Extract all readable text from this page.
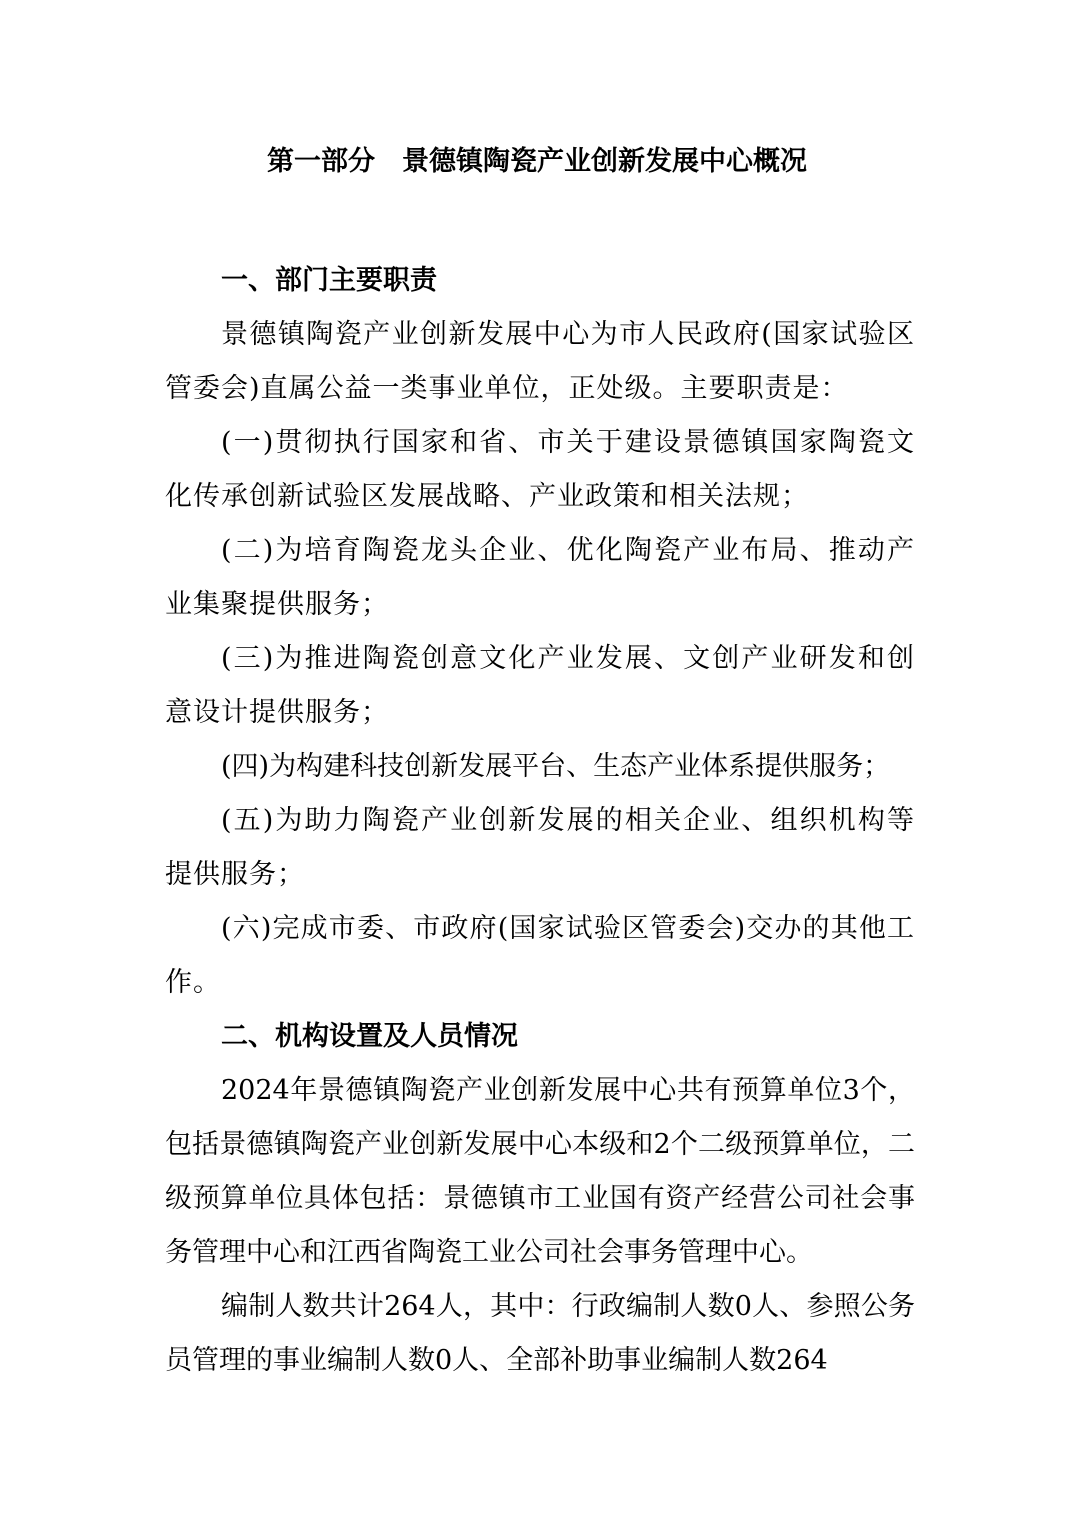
第一部分　景德镇陶瓷产业创新发展中心概况
一、部门主要职责

景德镇陶瓷产业创新发展中心为市人民政府(国家试验区管委会)直属公益一类事业单位，正处级。主要职责是：

(一)贯彻执行国家和省、市关于建设景德镇国家陶瓷文化传承创新试验区发展战略、产业政策和相关法规；

(二)为培育陶瓷龙头企业、优化陶瓷产业布局、推动产业集聚提供服务；

(三)为推进陶瓷创意文化产业发展、文创产业研发和创意设计提供服务；

(四)为构建科技创新发展平台、生态产业体系提供服务；

(五)为助力陶瓷产业创新发展的相关企业、组织机构等提供服务；

(六)完成市委、市政府(国家试验区管委会)交办的其他工作。

二、机构设置及人员情况

2024年景德镇陶瓷产业创新发展中心共有预算单位3个，包括景德镇陶瓷产业创新发展中心本级和2个二级预算单位，二级预算单位具体包括：景德镇市工业国有资产经营公司社会事务管理中心和江西省陶瓷工业公司社会事务管理中心。

编制人数共计264人，其中：行政编制人数0人、参照公务员管理的事业编制人数0人、全部补助事业编制人数264
